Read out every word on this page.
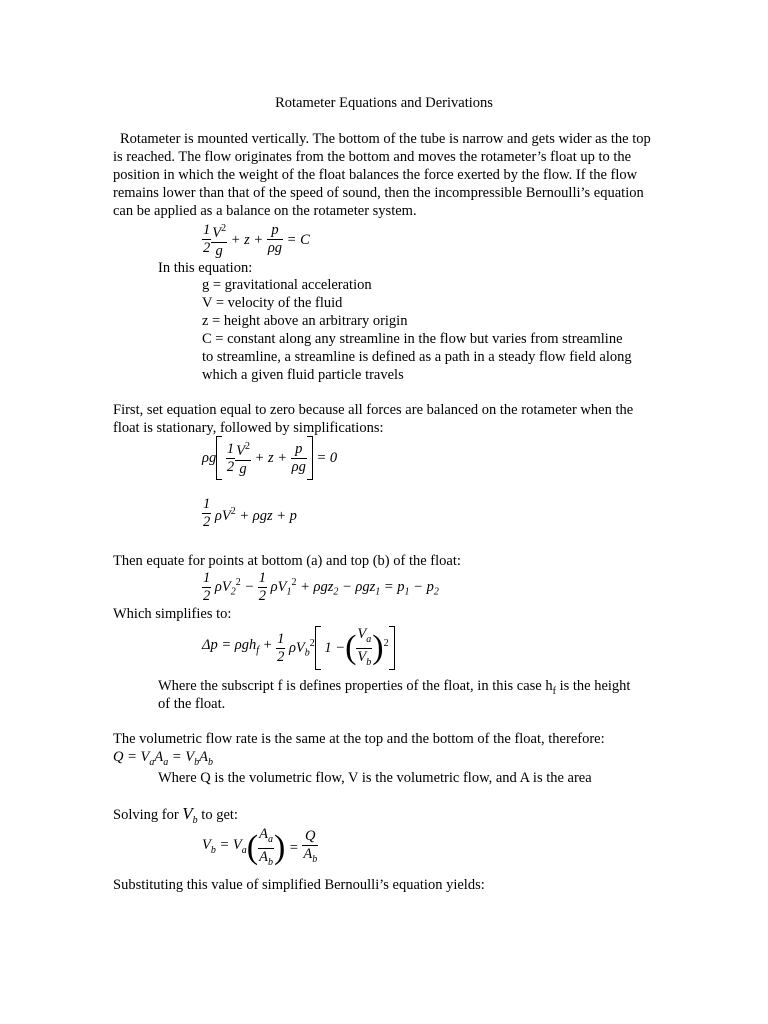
Rotameter Equations and Derivations
Rotameter is mounted vertically. The bottom of the tube is narrow and gets wider as the top is reached. The flow originates from the bottom and moves the rotameter’s float up to the position in which the weight of the float balances the force exerted by the flow. If the flow remains lower than that of the speed of sound, then the incompressible Bernoulli’s equation can be applied as a balance on the rotameter system.
$\frac{1}{2} \frac{V^2}{g} + z + \frac{p}{\rho g} = C$
In this equation:
g = gravitational acceleration
V = velocity of the fluid
z = height above an arbitrary origin
C = constant along any streamline in the flow but varies from streamline
to streamline, a streamline is defined as a path in a steady flow field along
which a given fluid particle travels
First, set equation equal to zero because all forces are balanced on the rotameter when the float is stationary, followed by simplifications:
ρg $\frac{1}{2} \frac{V^2}{g} + z + \frac{p}{\rho g} = 0$
$\frac{1}{2} \rho V^2 + \rho gz + p$
Then equate for points at bottom (a) and top (b) of the float:
$\frac{1}{2} \rho V_2^2 - \frac{1}{2} \rho V_1^2 + \rho gz_2 - \rho gz_1 = p_1 - p_2$
Which simplifies to:
$\Delta p = \rho gh_f + \frac{1}{2} \rho V_b^2$ 1 −( $\frac{V_a}{V_b} )^2$
Where the subscript f is defines properties of the float, in this case $h_f$ is the height
of the float.
The volumetric flow rate is the same at the top and the bottom of the float, therefore:
$Q = V_aA_a = V_bA_b$
Where Q is the volumetric flow, V is the volumetric flow, and A is the area
Solving for $V_b$ to get:
$V_b = V_a( \frac{A_a}{A_b}$ ) = $\frac{Q}{A_b}$
Substituting this value of simplified Bernoulli’s equation yields:
